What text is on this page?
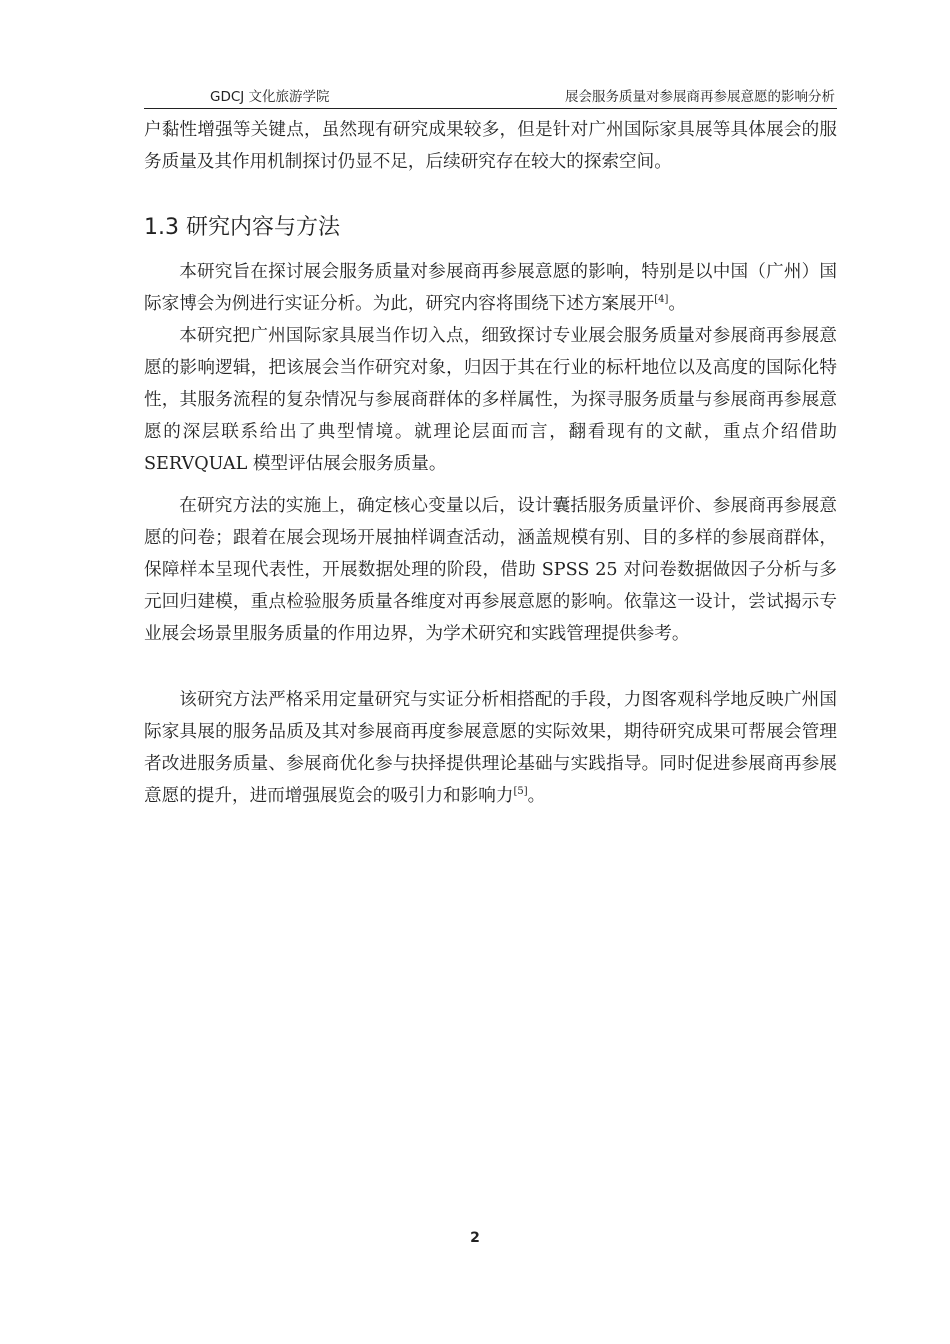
GDCJ 文化旅游学院	展会服务质量对参展商再参展意愿的影响分析

户黏性增强等关键点，虽然现有研究成果较多，但是针对广州国际家具展等具体展会的服务质量及其作用机制探讨仍显不足，后续研究存在较大的探索空间。

1.3 研究内容与方法

本研究旨在探讨展会服务质量对参展商再参展意愿的影响，特别是以中国（广州）国际家博会为例进行实证分析。为此，研究内容将围绕下述方案展开[4]。

本研究把广州国际家具展当作切入点，细致探讨专业展会服务质量对参展商再参展意愿的影响逻辑，把该展会当作研究对象，归因于其在行业的标杆地位以及高度的国际化特性，其服务流程的复杂情况与参展商群体的多样属性，为探寻服务质量与参展商再参展意愿的深层联系给出了典型情境。就理论层面而言，翻看现有的文献，重点介绍借助 SERVQUAL 模型评估展会服务质量。

在研究方法的实施上，确定核心变量以后，设计囊括服务质量评价、参展商再参展意愿的问卷；跟着在展会现场开展抽样调查活动，涵盖规模有别、目的多样的参展商群体，保障样本呈现代表性，开展数据处理的阶段，借助 SPSS 25 对问卷数据做因子分析与多元回归建模，重点检验服务质量各维度对再参展意愿的影响。依靠这一设计，尝试揭示专业展会场景里服务质量的作用边界，为学术研究和实践管理提供参考。

该研究方法严格采用定量研究与实证分析相搭配的手段，力图客观科学地反映广州国际家具展的服务品质及其对参展商再度参展意愿的实际效果，期待研究成果可帮展会管理者改进服务质量、参展商优化参与抉择提供理论基础与实践指导。同时促进参展商再参展意愿的提升，进而增强展览会的吸引力和影响力[5]。

2
